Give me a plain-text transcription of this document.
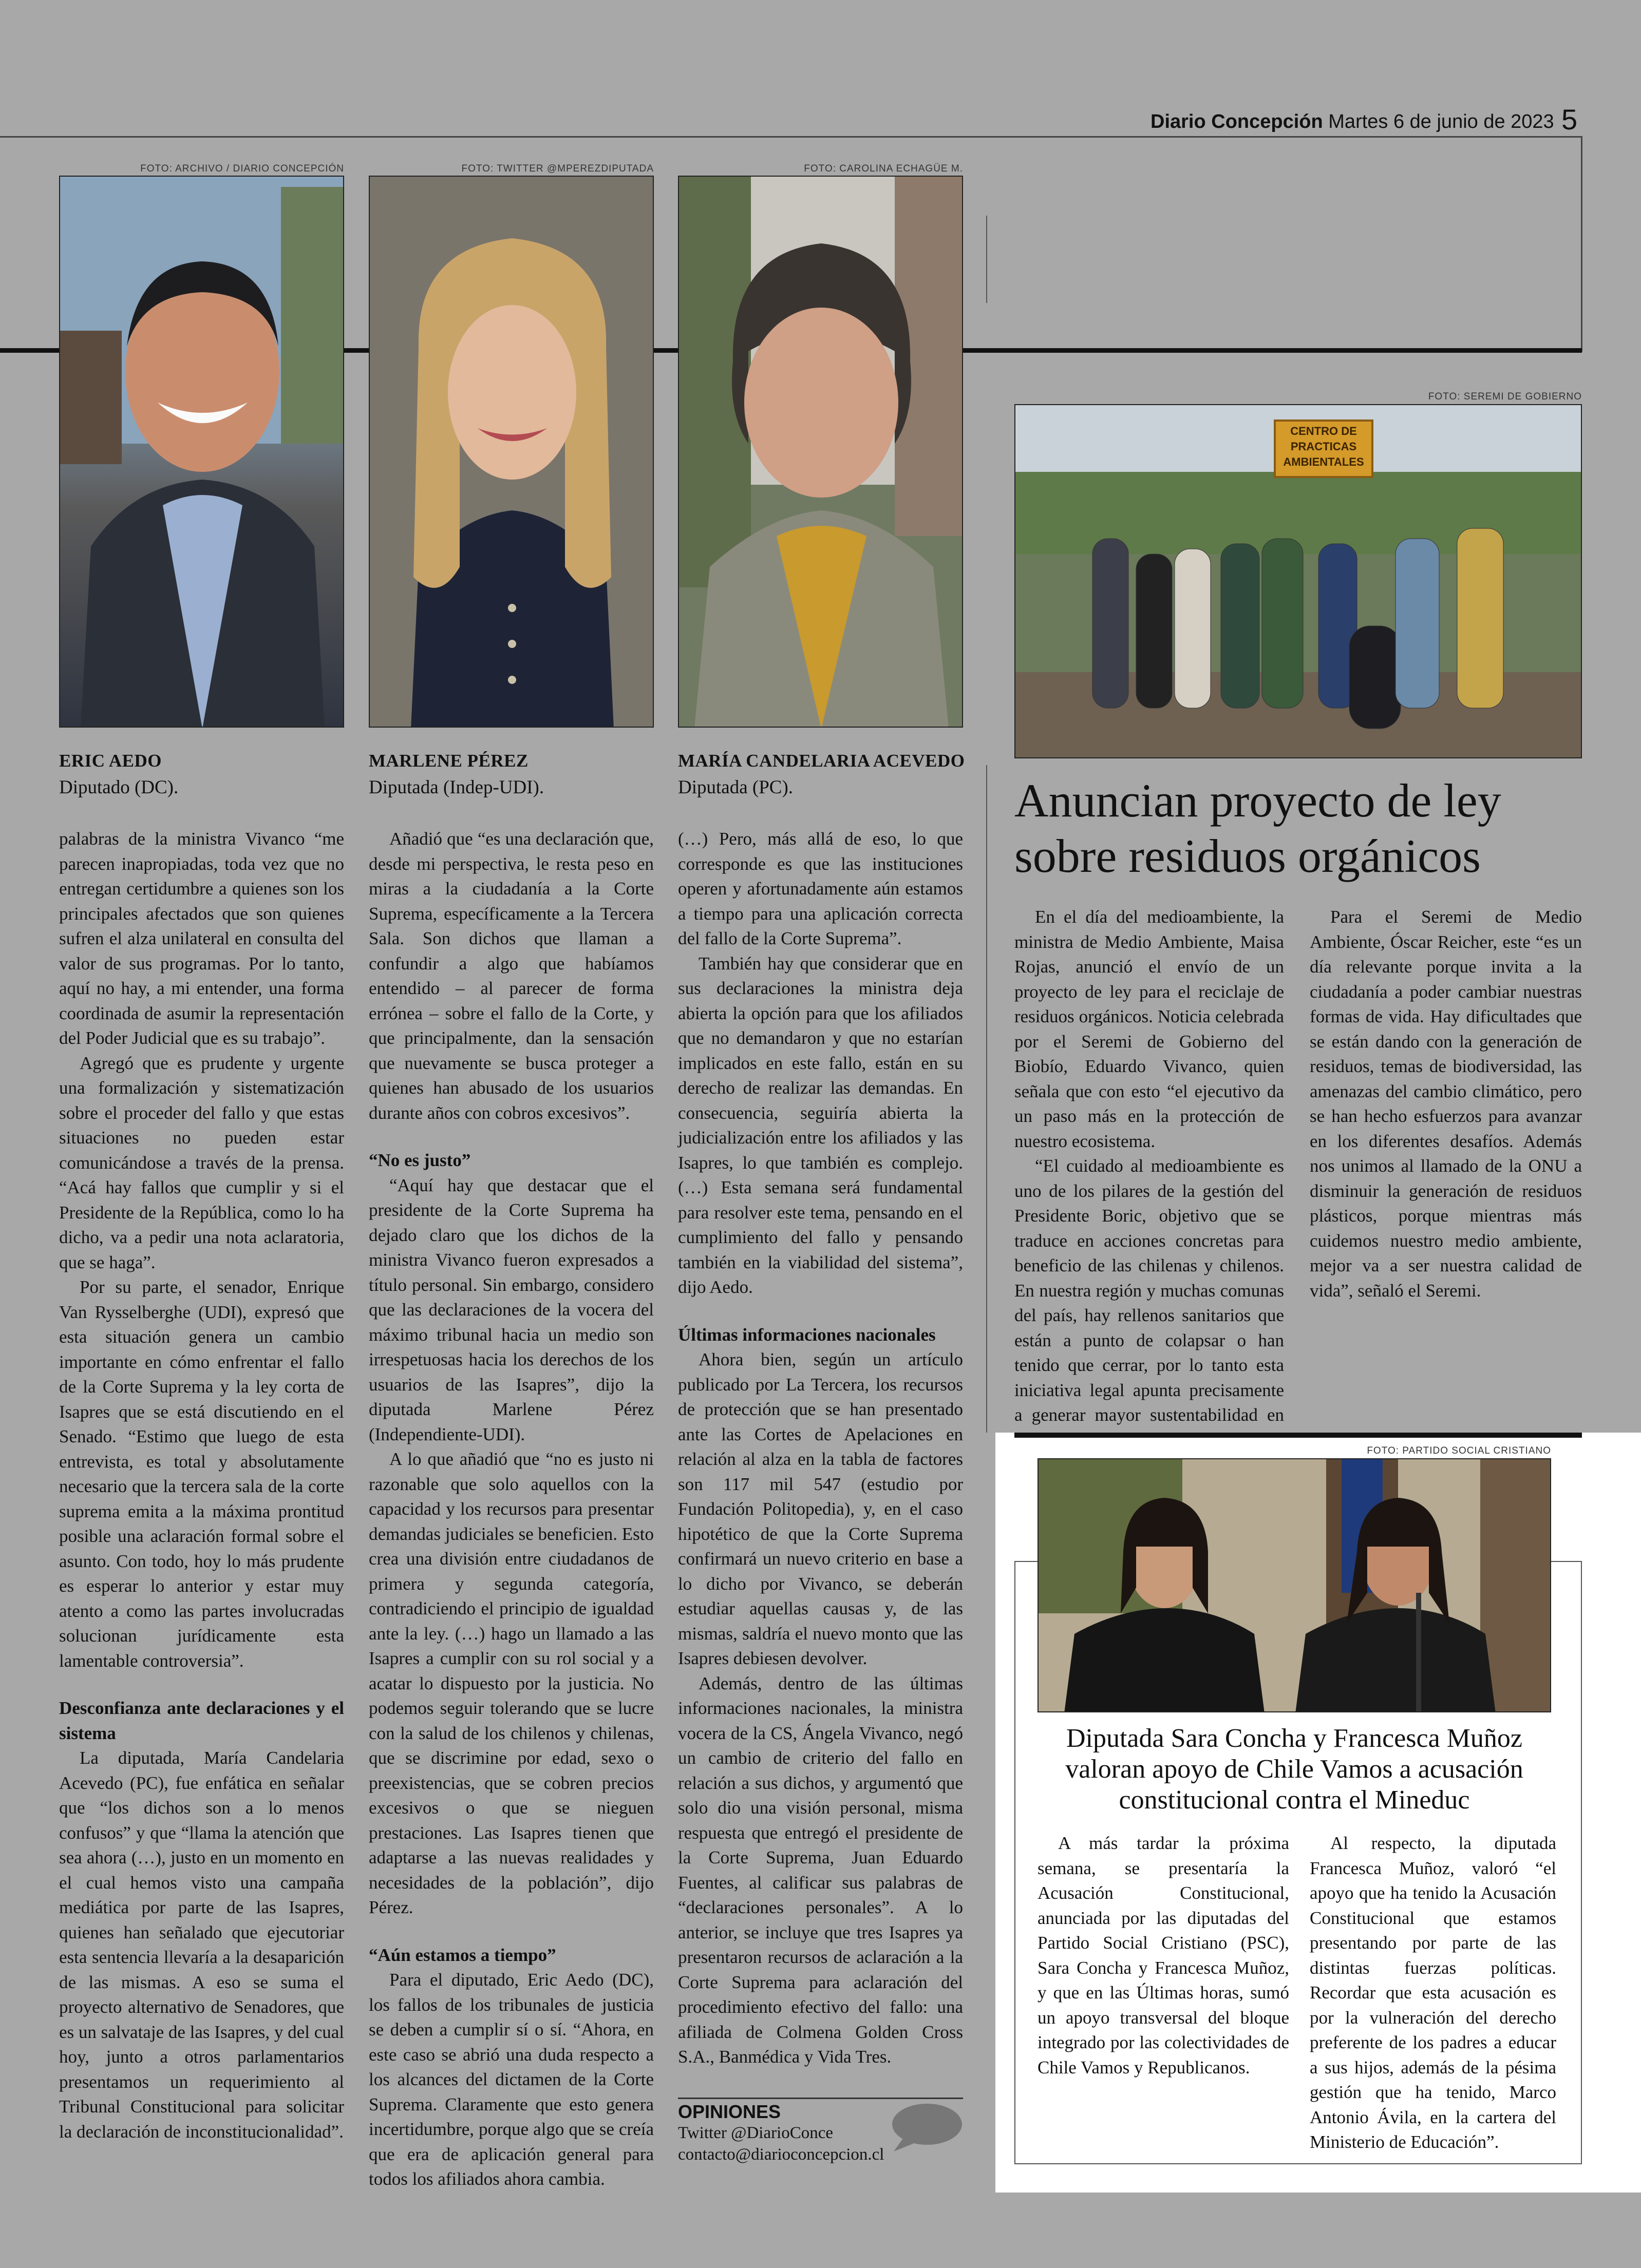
Diario Concepción Martes 6 de junio de 2023 5
FOTO: ARCHIVO / DIARIO CONCEPCIÓN
ERIC AEDO
Diputado (DC).
FOTO: TWITTER @MPEREZDIPUTADA
MARLENE PÉREZ
Diputada (Indep-UDI).
FOTO: CAROLINA ECHAGÜE M.
MARÍA CANDELARIA ACEVEDO
Diputada (PC).

palabras de la ministra Vivanco “me parecen inapropiadas, toda vez que no entregan certidumbre a quienes son los principales afectados que son quienes sufren el alza unilateral en consulta del valor de sus programas. Por lo tanto, aquí no hay, a mi entender, una forma coordinada de asumir la representación del Poder Judicial que es su trabajo”.

Agregó que es prudente y urgente una formalización y sistematización sobre el proceder del fallo y que estas situaciones no pueden estar comunicándose a través de la prensa. “Acá hay fallos que cumplir y si el Presidente de la República, como lo ha dicho, va a pedir una nota aclaratoria, que se haga”.

Por su parte, el senador, Enrique Van Rysselberghe (UDI), expresó que esta situación genera un cambio importante en cómo enfrentar el fallo de la Corte Suprema y la ley corta de Isapres que se está discutiendo en el Senado. “Estimo que luego de esta entrevista, es total y absolutamente necesario que la tercera sala de la corte suprema emita a la máxima prontitud posible una aclaración formal sobre el asunto. Con todo, hoy lo más prudente es esperar lo anterior y estar muy atento a como las partes involucradas solucionan jurídicamente esta lamentable controversia”.

Desconfianza ante declaraciones y el sistema

La diputada, María Candelaria Acevedo (PC), fue enfática en señalar que “los dichos son a lo menos confusos” y que “llama la atención que sea ahora (…), justo en un momento en el cual hemos visto una campaña mediática por parte de las Isapres, quienes han señalado que ejecutoriar esta sentencia llevaría a la desaparición de las mismas. A eso se suma el proyecto alternativo de Senadores, que es un salvataje de las Isapres, y del cual hoy, junto a otros parlamentarios presentamos un requerimiento al Tribunal Constitucional para solicitar la declaración de inconstitucionalidad”.

Añadió que “es una declaración que, desde mi perspectiva, le resta peso en miras a la ciudadanía a la Corte Suprema, específicamente a la Tercera Sala. Son dichos que llaman a confundir a algo que habíamos entendido – al parecer de forma errónea – sobre el fallo de la Corte, y que principalmente, dan la sensación que nuevamente se busca proteger a quienes han abusado de los usuarios durante años con cobros excesivos”.

“No es justo”

“Aquí hay que destacar que el presidente de la Corte Suprema ha dejado claro que los dichos de la ministra Vivanco fueron expresados a título personal. Sin embargo, considero que las declaraciones de la vocera del máximo tribunal hacia un medio son irrespetuosas hacia los derechos de los usuarios de las Isapres”, dijo la diputada Marlene Pérez (Independiente-UDI).

A lo que añadió que “no es justo ni razonable que solo aquellos con la capacidad y los recursos para presentar demandas judiciales se beneficien. Esto crea una división entre ciudadanos de primera y segunda categoría, contradiciendo el principio de igualdad ante la ley. (…) hago un llamado a las Isapres a cumplir con su rol social y a acatar lo dispuesto por la justicia. No podemos seguir tolerando que se lucre con la salud de los chilenos y chilenas, que se discrimine por edad, sexo o preexistencias, que se cobren precios excesivos o que se nieguen prestaciones. Las Isapres tienen que adaptarse a las nuevas realidades y necesidades de la población”, dijo Pérez.

“Aún estamos a tiempo”

Para el diputado, Eric Aedo (DC), los fallos de los tribunales de justicia se deben a cumplir sí o sí. “Ahora, en este caso se abrió una duda respecto a los alcances del dictamen de la Corte Suprema. Claramente que esto genera incertidumbre, porque algo que se creía que era de aplicación general para todos los afiliados ahora cambia.

(…) Pero, más allá de eso, lo que corresponde es que las instituciones operen y afortunadamente aún estamos a tiempo para una aplicación correcta del fallo de la Corte Suprema”.

También hay que considerar que en sus declaraciones la ministra deja abierta la opción para que los afiliados que no demandaron y que no estarían implicados en este fallo, están en su derecho de realizar las demandas. En consecuencia, seguiría abierta la judicialización entre los afiliados y las Isapres, lo que también es complejo. (…) Esta semana será fundamental para resolver este tema, pensando en el cumplimiento del fallo y pensando también en la viabilidad del sistema”, dijo Aedo.

Últimas informaciones nacionales

Ahora bien, según un artículo publicado por La Tercera, los recursos de protección que se han presentado ante las Cortes de Apelaciones en relación al alza en la tabla de factores son 117 mil 547 (estudio por Fundación Politopedia), y, en el caso hipotético de que la Corte Suprema confirmará un nuevo criterio en base a lo dicho por Vivanco, se deberán estudiar aquellas causas y, de las mismas, saldría el nuevo monto que las Isapres debiesen devolver.

Además, dentro de las últimas informaciones nacionales, la ministra vocera de la CS, Ángela Vivanco, negó un cambio de criterio del fallo en relación a sus dichos, y argumentó que solo dio una visión personal, misma respuesta que entregó el presidente de la Corte Suprema, Juan Eduardo Fuentes, al calificar sus palabras de “declaraciones personales”. A lo anterior, se incluye que tres Isapres ya presentaron recursos de aclaración a la Corte Suprema para aclaración del procedimiento efectivo del fallo: una afiliada de Colmena Golden Cross S.A., Banmédica y Vida Tres.

OPINIONES
Twitter @DiarioConce
contacto@diarioconcepcion.cl
FOTO: SEREMI DE GOBIERNO
CENTRO DE
PRACTICAS
AMBIENTALES
Anuncian proyecto de ley sobre residuos orgánicos

En el día del medioambiente, la ministra de Medio Ambiente, Maisa Rojas, anunció el envío de un proyecto de ley para el reciclaje de residuos orgánicos. Noticia celebrada por el Seremi de Gobierno del Biobío, Eduardo Vivanco, quien señala que con esto “el ejecutivo da un paso más en la protección de nuestro ecosistema.

“El cuidado al medioambiente es uno de los pilares de la gestión del Presidente Boric, objetivo que se traduce en acciones concretas para beneficio de las chilenas y chilenos. En nuestra región y muchas comunas del país, hay rellenos sanitarios que están a punto de colapsar o han tenido que cerrar, por lo tanto esta iniciativa legal apunta precisamente a generar mayor sustentabilidad en

Para el Seremi de Medio Ambiente, Óscar Reicher, este “es un día relevante porque invita a la ciudadanía a poder cambiar nuestras formas de vida. Hay dificultades que se están dando con la generación de residuos, temas de biodiversidad, las amenazas del cambio climático, pero se han hecho esfuerzos para avanzar en los diferentes desafíos. Además nos unimos al llamado de la ONU a disminuir la generación de residuos plásticos, porque mientras más cuidemos nuestro medio ambiente, mejor va a ser nuestra calidad de vida”, señaló el Seremi.

FOTO: PARTIDO SOCIAL CRISTIANO
Diputada Sara Concha y Francesca Muñoz valoran apoyo de Chile Vamos a acusación constitucional contra el Mineduc

A más tardar la próxima semana, se presentaría la Acusación Constitucional, anunciada por las diputadas del Partido Social Cristiano (PSC), Sara Concha y Francesca Muñoz, y que en las Últimas horas, sumó un apoyo transversal del bloque integrado por las colectividades de Chile Vamos y Republicanos.

Al respecto, la diputada Francesca Muñoz, valoró “el apoyo que ha tenido la Acusación Constitucional que estamos presentando por parte de las distintas fuerzas políticas. Recordar que esta acusación es por la vulneración del derecho preferente de los padres a educar a sus hijos, además de la pésima gestión que ha tenido, Marco Antonio Ávila, en la cartera del Ministerio de Educación”.
